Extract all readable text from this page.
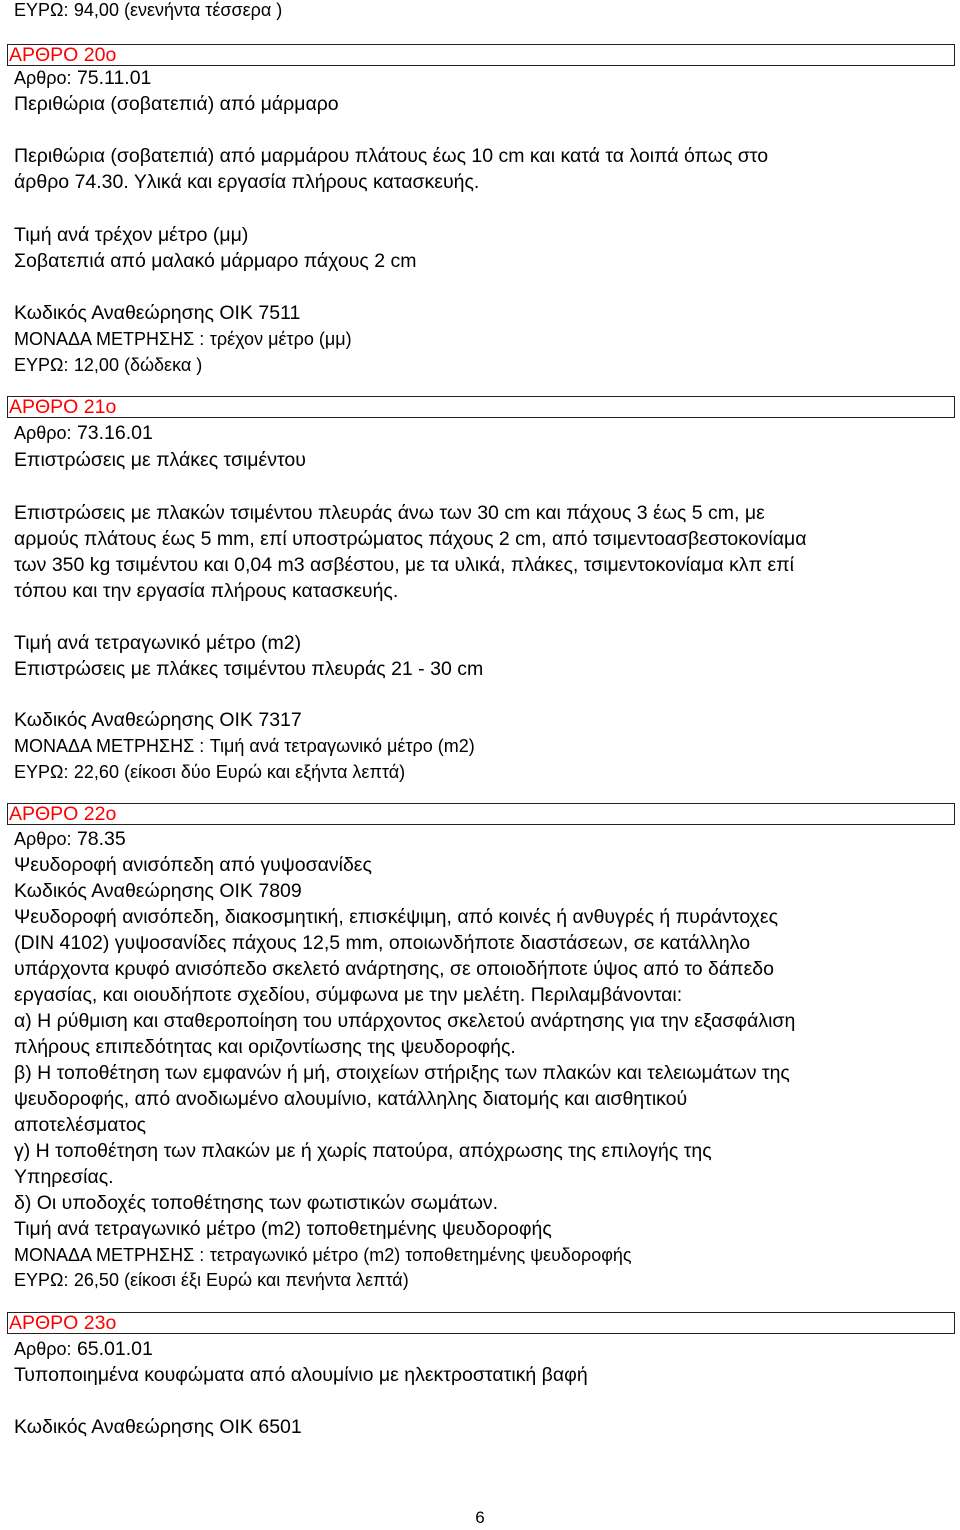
ΕΥΡΩ: 94,00 (ενενήντα τέσσερα )
ΑΡΘΡΟ 20ο
Αρθρο: 75.11.01
Περιθώρια (σοβατεπιά) από μάρμαρο
Περιθώρια (σοβατεπιά) από μαρμάρου πλάτους έως 10 cm και κατά τα λοιπά όπως στο
άρθρο 74.30. Υλικά και εργασία πλήρους κατασκευής.
Τιμή ανά τρέχον μέτρο (μμ)
Σοβατεπιά από μαλακό μάρμαρο πάχους 2 cm
Κωδικός Αναθεώρησης ΟΙΚ 7511
ΜΟΝΑΔΑ ΜΕΤΡΗΣΗΣ : τρέχον μέτρο (μμ)
ΕΥΡΩ: 12,00 (δώδεκα )
ΑΡΘΡΟ 21ο
Αρθρο: 73.16.01
Επιστρώσεις με πλάκες τσιμέντου
Επιστρώσεις με πλακών τσιμέντου πλευράς άνω των 30 cm και πάχους 3 έως 5 cm, με
αρμούς πλάτους έως 5 mm, επί υποστρώματος πάχους 2 cm, από τσιμεντοασβεστοκονίαμα
των 350 kg τσιμέντου και 0,04 m3 ασβέστου, με τα υλικά, πλάκες, τσιμεντοκονίαμα κλπ επί
τόπου και την εργασία πλήρους κατασκευής.
Τιμή ανά τετραγωνικό μέτρο (m2)
Επιστρώσεις με πλάκες τσιμέντου πλευράς 21 - 30 cm
Κωδικός Αναθεώρησης ΟΙΚ 7317
ΜΟΝΑΔΑ ΜΕΤΡΗΣΗΣ : Τιμή ανά τετραγωνικό μέτρο (m2)
ΕΥΡΩ: 22,60 (είκοσι δύο Ευρώ και εξήντα λεπτά)
ΑΡΘΡΟ 22ο
Αρθρο: 78.35
Ψευδοροφή ανισόπεδη από γυψοσανίδες
Κωδικός Αναθεώρησης ΟΙΚ 7809
Ψευδοροφή ανισόπεδη, διακοσμητική, επισκέψιμη, από κοινές ή ανθυγρές ή πυράντοχες
(DIN 4102) γυψοσανίδες πάχους 12,5 mm, οποιωνδήποτε διαστάσεων, σε κατάλληλο
υπάρχοντα κρυφό ανισόπεδο σκελετό ανάρτησης, σε οποιοδήποτε ύψος από το δάπεδο
εργασίας, και οιουδήποτε σχεδίου, σύμφωνα με την μελέτη. Περιλαμβάνονται:
α) Η ρύθμιση και σταθεροποίηση του υπάρχοντος σκελετού ανάρτησης για την εξασφάλιση
πλήρους επιπεδότητας και οριζοντίωσης της ψευδοροφής.
β) Η τοποθέτηση των εμφανών ή μή, στοιχείων στήριξης των πλακών και τελειωμάτων της
ψευδοροφής, από ανοδιωμένο αλουμίνιο, κατάλληλης διατομής και αισθητικού
αποτελέσματος
γ) Η τοποθέτηση των πλακών με ή χωρίς πατούρα, απόχρωσης της επιλογής της
Υπηρεσίας.
δ) Οι υποδοχές τοποθέτησης των φωτιστικών σωμάτων.
Τιμή ανά τετραγωνικό μέτρο (m2) τοποθετημένης ψευδοροφής
ΜΟΝΑΔΑ ΜΕΤΡΗΣΗΣ : τετραγωνικό μέτρο (m2) τοποθετημένης ψευδοροφής
ΕΥΡΩ: 26,50 (είκοσι έξι Ευρώ και πενήντα λεπτά)
ΑΡΘΡΟ 23ο
Αρθρο: 65.01.01
Τυποποιημένα κουφώματα από αλουμίνιο με ηλεκτροστατική βαφή
Κωδικός Αναθεώρησης ΟΙΚ 6501
6
